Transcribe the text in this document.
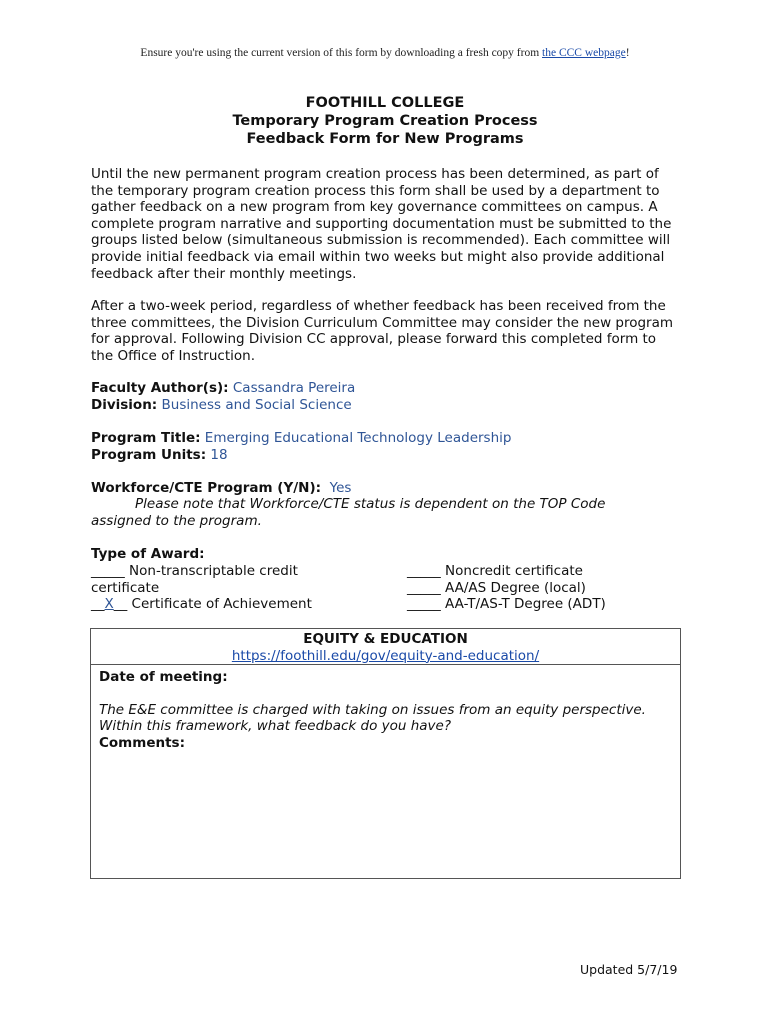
Ensure you're using the current version of this form by downloading a fresh copy from the CCC webpage!
FOOTHILL COLLEGE
Temporary Program Creation Process
Feedback Form for New Programs
Until the new permanent program creation process has been determined, as part of the temporary program creation process this form shall be used by a department to gather feedback on a new program from key governance committees on campus. A complete program narrative and supporting documentation must be submitted to the groups listed below (simultaneous submission is recommended). Each committee will provide initial feedback via email within two weeks but might also provide additional feedback after their monthly meetings.
After a two-week period, regardless of whether feedback has been received from the three committees, the Division Curriculum Committee may consider the new program for approval. Following Division CC approval, please forward this completed form to the Office of Instruction.
Faculty Author(s): Cassandra Pereira
Division: Business and Social Science
Program Title: Emerging Educational Technology Leadership
Program Units: 18
Workforce/CTE Program (Y/N): Yes
Please note that Workforce/CTE status is dependent on the TOP Code
assigned to the program.
Type of Award:
_____ Non-transcriptable credit
certificate
__X__ Certificate of Achievement
_____ Noncredit certificate
_____ AA/AS Degree (local)
_____ AA-T/AS-T Degree (ADT)
EQUITY & EDUCATION
https://foothill.edu/gov/equity-and-education/
Date of meeting:
The E&E committee is charged with taking on issues from an equity perspective.
Within this framework, what feedback do you have?
Comments:
Updated 5/7/19
